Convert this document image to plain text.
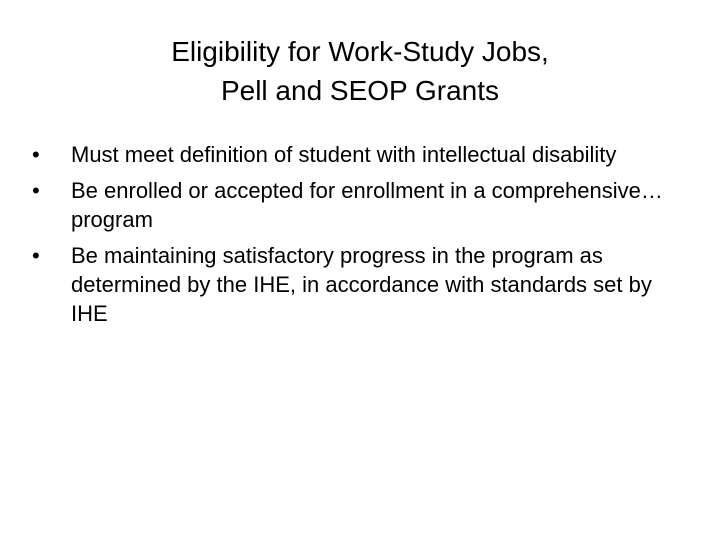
Eligibility for Work-Study Jobs,
Pell and SEOP Grants
•	Must meet definition of student with intellectual disability
•	Be enrolled or accepted for enrollment in a comprehensive…program
•	Be maintaining satisfactory progress in the program as determined by the IHE, in accordance with standards set by IHE
